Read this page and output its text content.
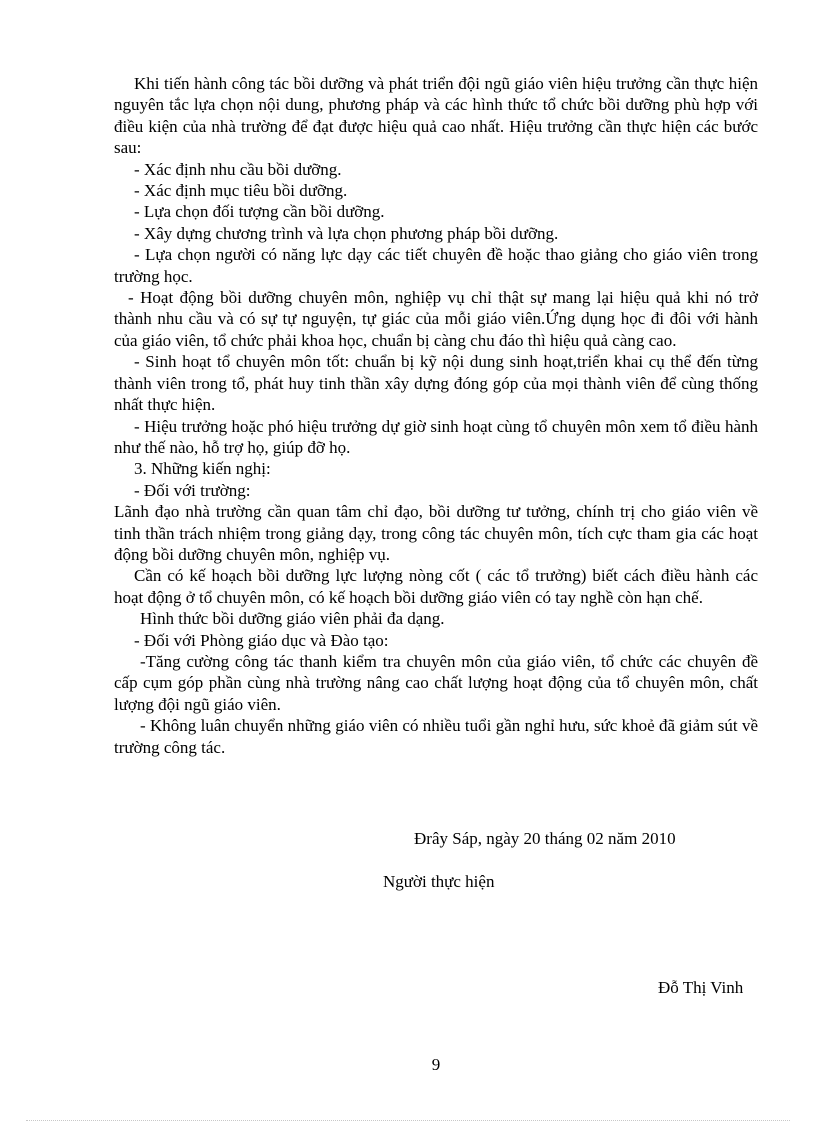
Khi tiến hành công tác bồi dưỡng và phát triển đội ngũ giáo viên hiệu trưởng cần thực hiện nguyên tắc lựa chọn nội dung, phương pháp và các hình thức tổ chức bồi dưỡng phù hợp với điều kiện của nhà trường để đạt được hiệu quả cao nhất. Hiệu trưởng cần thực hiện các bước sau:

- Xác định nhu cầu bồi dưỡng.

- Xác định mục tiêu bồi dưỡng.

- Lựa chọn đối tượng cần bồi dưỡng.

- Xây dựng chương trình và lựa chọn phương pháp bồi dưỡng.

- Lựa chọn người có năng lực dạy các tiết chuyên đề hoặc thao giảng cho giáo viên trong trường học.

- Hoạt động bồi dưỡng chuyên môn, nghiệp vụ chỉ thật sự mang lại hiệu quả khi nó trở thành nhu cầu và có sự tự nguyện, tự giác của mỗi giáo viên.Ứng dụng học đi đôi với hành của giáo viên, tổ chức phải khoa học, chuẩn bị càng chu đáo thì hiệu quả càng cao.

- Sinh hoạt tổ chuyên môn tốt: chuẩn bị kỹ nội dung sinh hoạt,triển khai cụ thể đến từng thành viên trong tổ, phát huy tinh thần xây dựng đóng góp của mọi thành viên để cùng thống nhất thực hiện.

- Hiệu trưởng hoặc phó hiệu trưởng dự giờ sinh hoạt cùng tổ chuyên môn xem tổ điều hành như thế nào, hỗ trợ họ, giúp đỡ họ.

3. Những kiến nghị:

- Đối với trường:

Lãnh đạo nhà trường cần quan tâm chỉ đạo, bồi dưỡng tư tưởng, chính trị cho giáo viên về tinh thần trách nhiệm trong giảng dạy, trong công tác chuyên môn, tích cực tham gia các hoạt động bồi dưỡng chuyên môn, nghiệp vụ.

Cần có kế hoạch bồi dưỡng lực lượng nòng cốt ( các tổ trưởng) biết cách điều hành các hoạt động ở tổ chuyên môn, có kế hoạch bồi dưỡng giáo viên có tay nghề còn hạn chế.

Hình thức bồi dưỡng giáo viên phải đa dạng.

- Đối với Phòng giáo dục và Đào tạo:

-Tăng cường công tác thanh kiểm tra chuyên môn của giáo viên, tổ chức các chuyên đề cấp cụm góp phần cùng nhà trường nâng cao chất lượng hoạt động của tổ chuyên môn, chất lượng đội ngũ giáo viên.

- Không luân chuyển những giáo viên có nhiều tuổi gần nghỉ hưu, sức khoẻ đã giảm sút về trường công tác.

Đrây Sáp, ngày 20 tháng 02 năm 2010
Người thực hiện
Đỗ Thị Vinh
9
